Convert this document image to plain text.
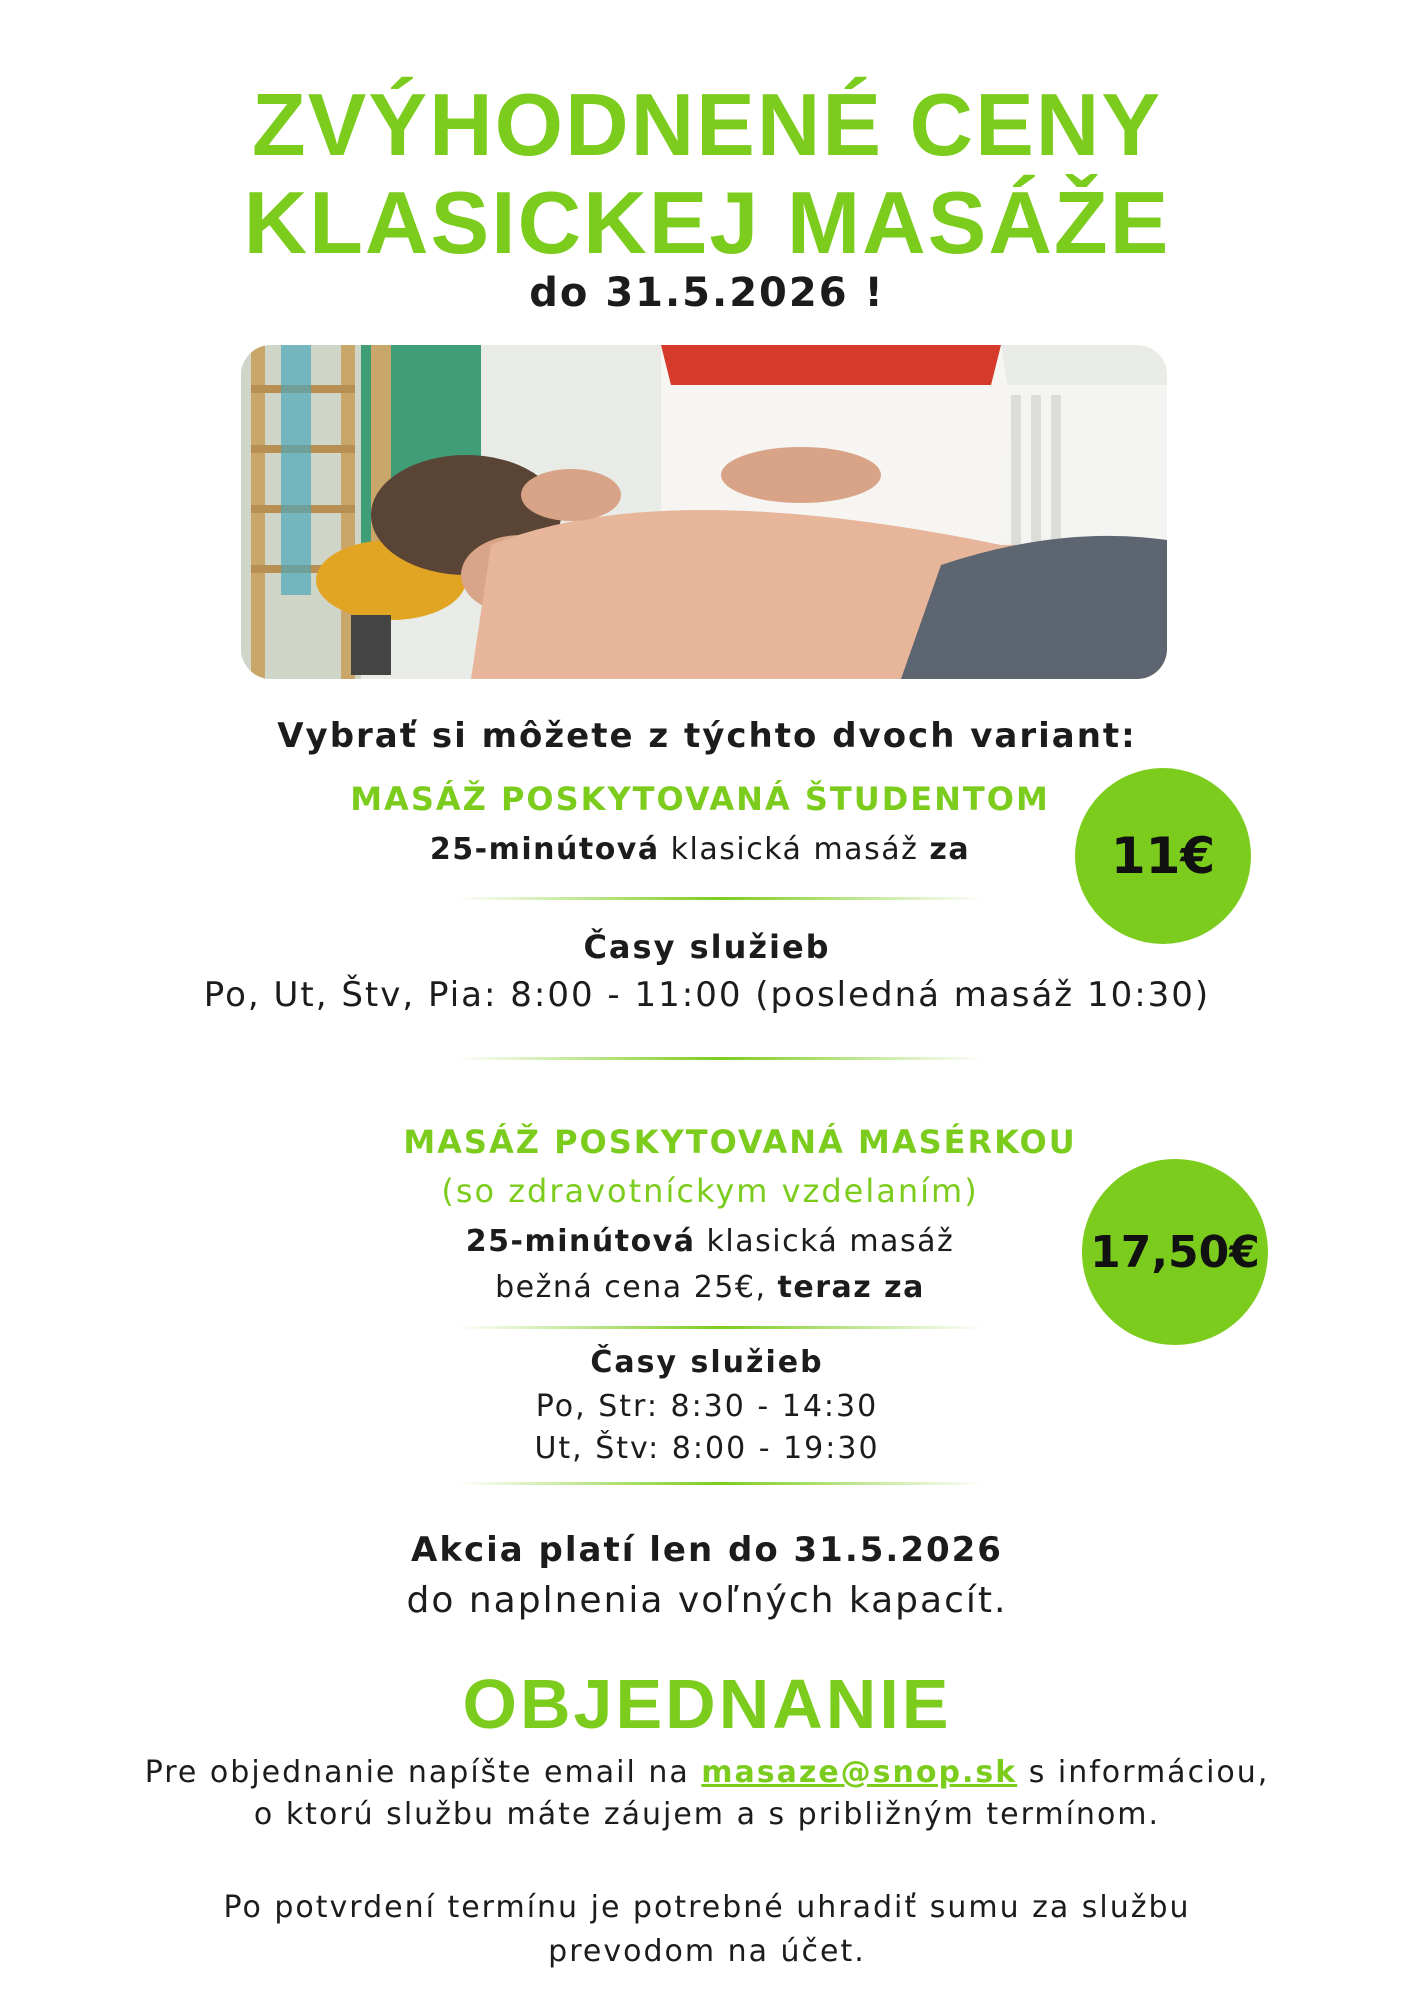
ZVÝHODNENÉ CENY
KLASICKEJ MASÁŽE
do 31.5.2026 !
Vybrať si môžete z týchto dvoch variant:
MASÁŽ POSKYTOVANÁ ŠTUDENTOM
25-minútová klasická masáž za	11€
Časy služieb
Po, Ut, Štv, Pia: 8:00 - 11:00 (posledná masáž 10:30)
MASÁŽ POSKYTOVANÁ MASÉRKOU
(so zdravotníckym vzdelaním)
25-minútová klasická masáž
bežná cena 25€, teraz za
17,50€
Časy služieb
Po, Str: 8:30 - 14:30
Ut, Štv: 8:00 - 19:30
Akcia platí len do 31.5.2026
do naplnenia voľných kapacít.
OBJEDNANIE
Pre objednanie napíšte email na masaze@snop.sk s informáciou,
o ktorú službu máte záujem a s približným termínom.
Po potvrdení termínu je potrebné uhradiť sumu za službu
prevodom na účet.
